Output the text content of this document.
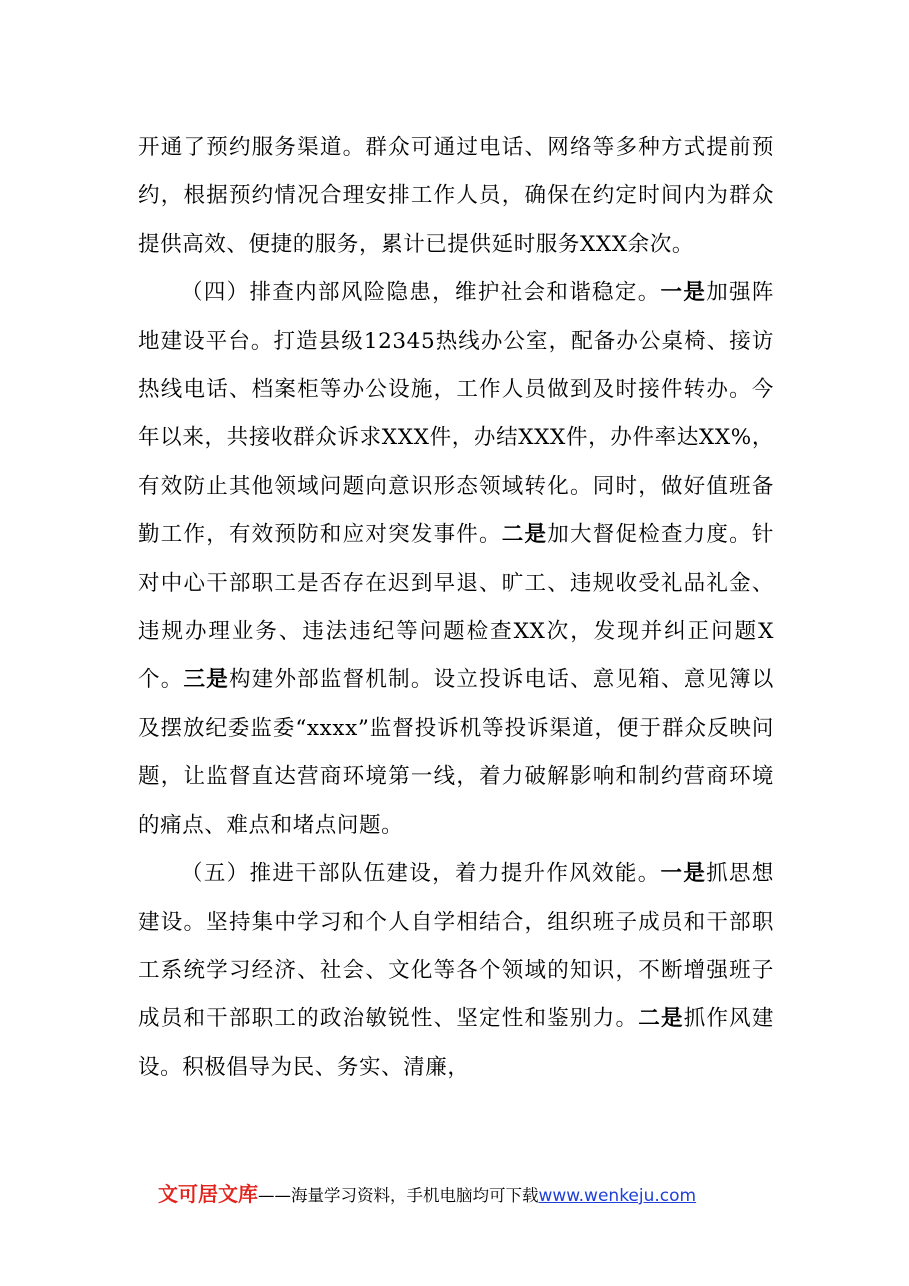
开通了预约服务渠道。群众可通过电话、网络等多种方式提前预约，根据预约情况合理安排工作人员，确保在约定时间内为群众提供高效、便捷的服务，累计已提供延时服务XXX余次。

（四）排查内部风险隐患，维护社会和谐稳定。一是加强阵地建设平台。打造县级12345热线办公室，配备办公桌椅、接访热线电话、档案柜等办公设施，工作人员做到及时接件转办。今年以来，共接收群众诉求XXX件，办结XXX件，办件率达XX%，有效防止其他领域问题向意识形态领域转化。同时，做好值班备勤工作，有效预防和应对突发事件。二是加大督促检查力度。针对中心干部职工是否存在迟到早退、旷工、违规收受礼品礼金、违规办理业务、违法违纪等问题检查XX次，发现并纠正问题X个。三是构建外部监督机制。设立投诉电话、意见箱、意见簿以及摆放纪委监委“xxxx”监督投诉机等投诉渠道，便于群众反映问题，让监督直达营商环境第一线，着力破解影响和制约营商环境的痛点、难点和堵点问题。

（五）推进干部队伍建设，着力提升作风效能。一是抓思想建设。坚持集中学习和个人自学相结合，组织班子成员和干部职工系统学习经济、社会、文化等各个领域的知识，不断增强班子成员和干部职工的政治敏锐性、坚定性和鉴别力。二是抓作风建设。积极倡导为民、务实、清廉，

文可居文库——海量学习资料，手机电脑均可下载www.wenkeju.com
